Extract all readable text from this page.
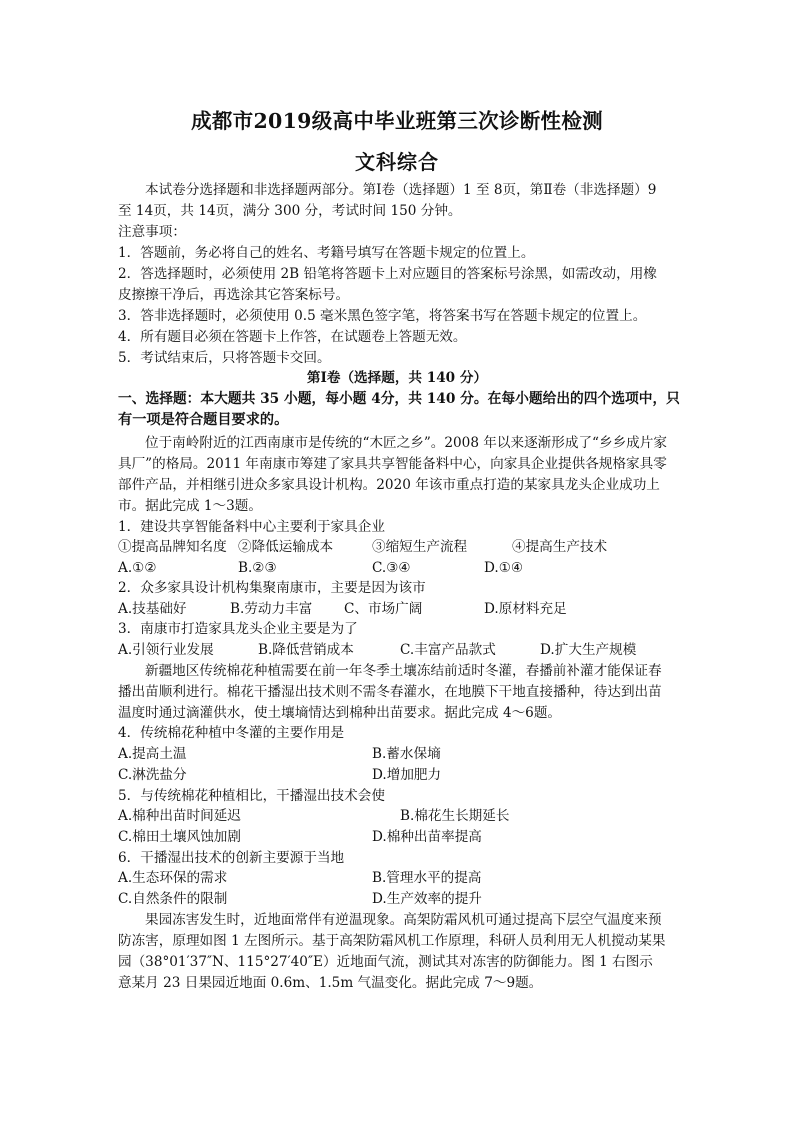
成都市2019级高中毕业班第三次诊断性检测
文科综合
本试卷分选择题和非选择题两部分。第Ⅰ卷（选择题）1 至 8页，第Ⅱ卷（非选择题）9
至 14页，共 14页，满分 300 分，考试时间 150 分钟。
注意事项：
1．答题前，务必将自己的姓名、考籍号填写在答题卡规定的位置上。
2．答选择题时，必须使用 2B 铅笔将答题卡上对应题目的答案标号涂黑，如需改动，用橡
皮擦擦干净后，再选涂其它答案标号。
3．答非选择题时，必须使用 0.5 毫米黑色签字笔，将答案书写在答题卡规定的位置上。
4．所有题目必须在答题卡上作答，在试题卷上答题无效。
5．考试结束后，只将答题卡交回。
第Ⅰ卷（选择题，共 140 分）
一、选择题：本大题共 35 小题，每小题 4分，共 140 分。在每小题给出的四个选项中，只
有一项是符合题目要求的。
位于南岭附近的江西南康市是传统的“木匠之乡”。2008 年以来逐渐形成了“乡乡成片家
具厂”的格局。2011 年南康市筹建了家具共享智能备料中心，向家具企业提供各规格家具零
部件产品，并相继引进众多家具设计机构。2020 年该市重点打造的某家具龙头企业成功上
市。据此完成 1～3题。
1．建设共享智能备料中心主要利于家具企业
①提高品牌知名度 ②降低运输成本	③缩短生产流程	④提高生产技术
A.①②	B.②③	C.③④	D.①④
2．众多家具设计机构集聚南康市，主要是因为该市
A.技基础好	B.劳动力丰富 C、市场广阔	D.原材料充足
3．南康市打造家具龙头企业主要是为了
A.引领行业发展	B.降低营销成本	C.丰富产品款式	D.扩大生产规模
新疆地区传统棉花种植需要在前一年冬季土壤冻结前适时冬灌，春播前补灌才能保证春
播出苗顺利进行。棉花干播湿出技术则不需冬春灌水，在地膜下干地直接播种，待达到出苗
温度时通过滴灌供水，使土壤墒情达到棉种出苗要求。据此完成 4～6题。
4．传统棉花种植中冬灌的主要作用是
A.提高土温	B.蓄水保墒
C.淋洗盐分	D.增加肥力
5．与传统棉花种植相比，干播湿出技术会使
A.棉种出苗时间延迟	B.棉花生长期延长
C.棉田土壤风蚀加剧	D.棉种出苗率提高
6．干播湿出技术的创新主要源于当地
A.生态环保的需求	B.管理水平的提高
C.自然条件的限制	D.生产效率的提升
果园冻害发生时，近地面常伴有逆温现象。高架防霜风机可通过提高下层空气温度来预
防冻害，原理如图 1 左图所示。基于高架防霜风机工作原理，科研人员利用无人机搅动某果
园（38°01′37″N、115°27′40″E）近地面气流，测试其对冻害的防御能力。图 1 右图示
意某月 23 日果园近地面 0.6m、1.5m 气温变化。据此完成 7～9题。
